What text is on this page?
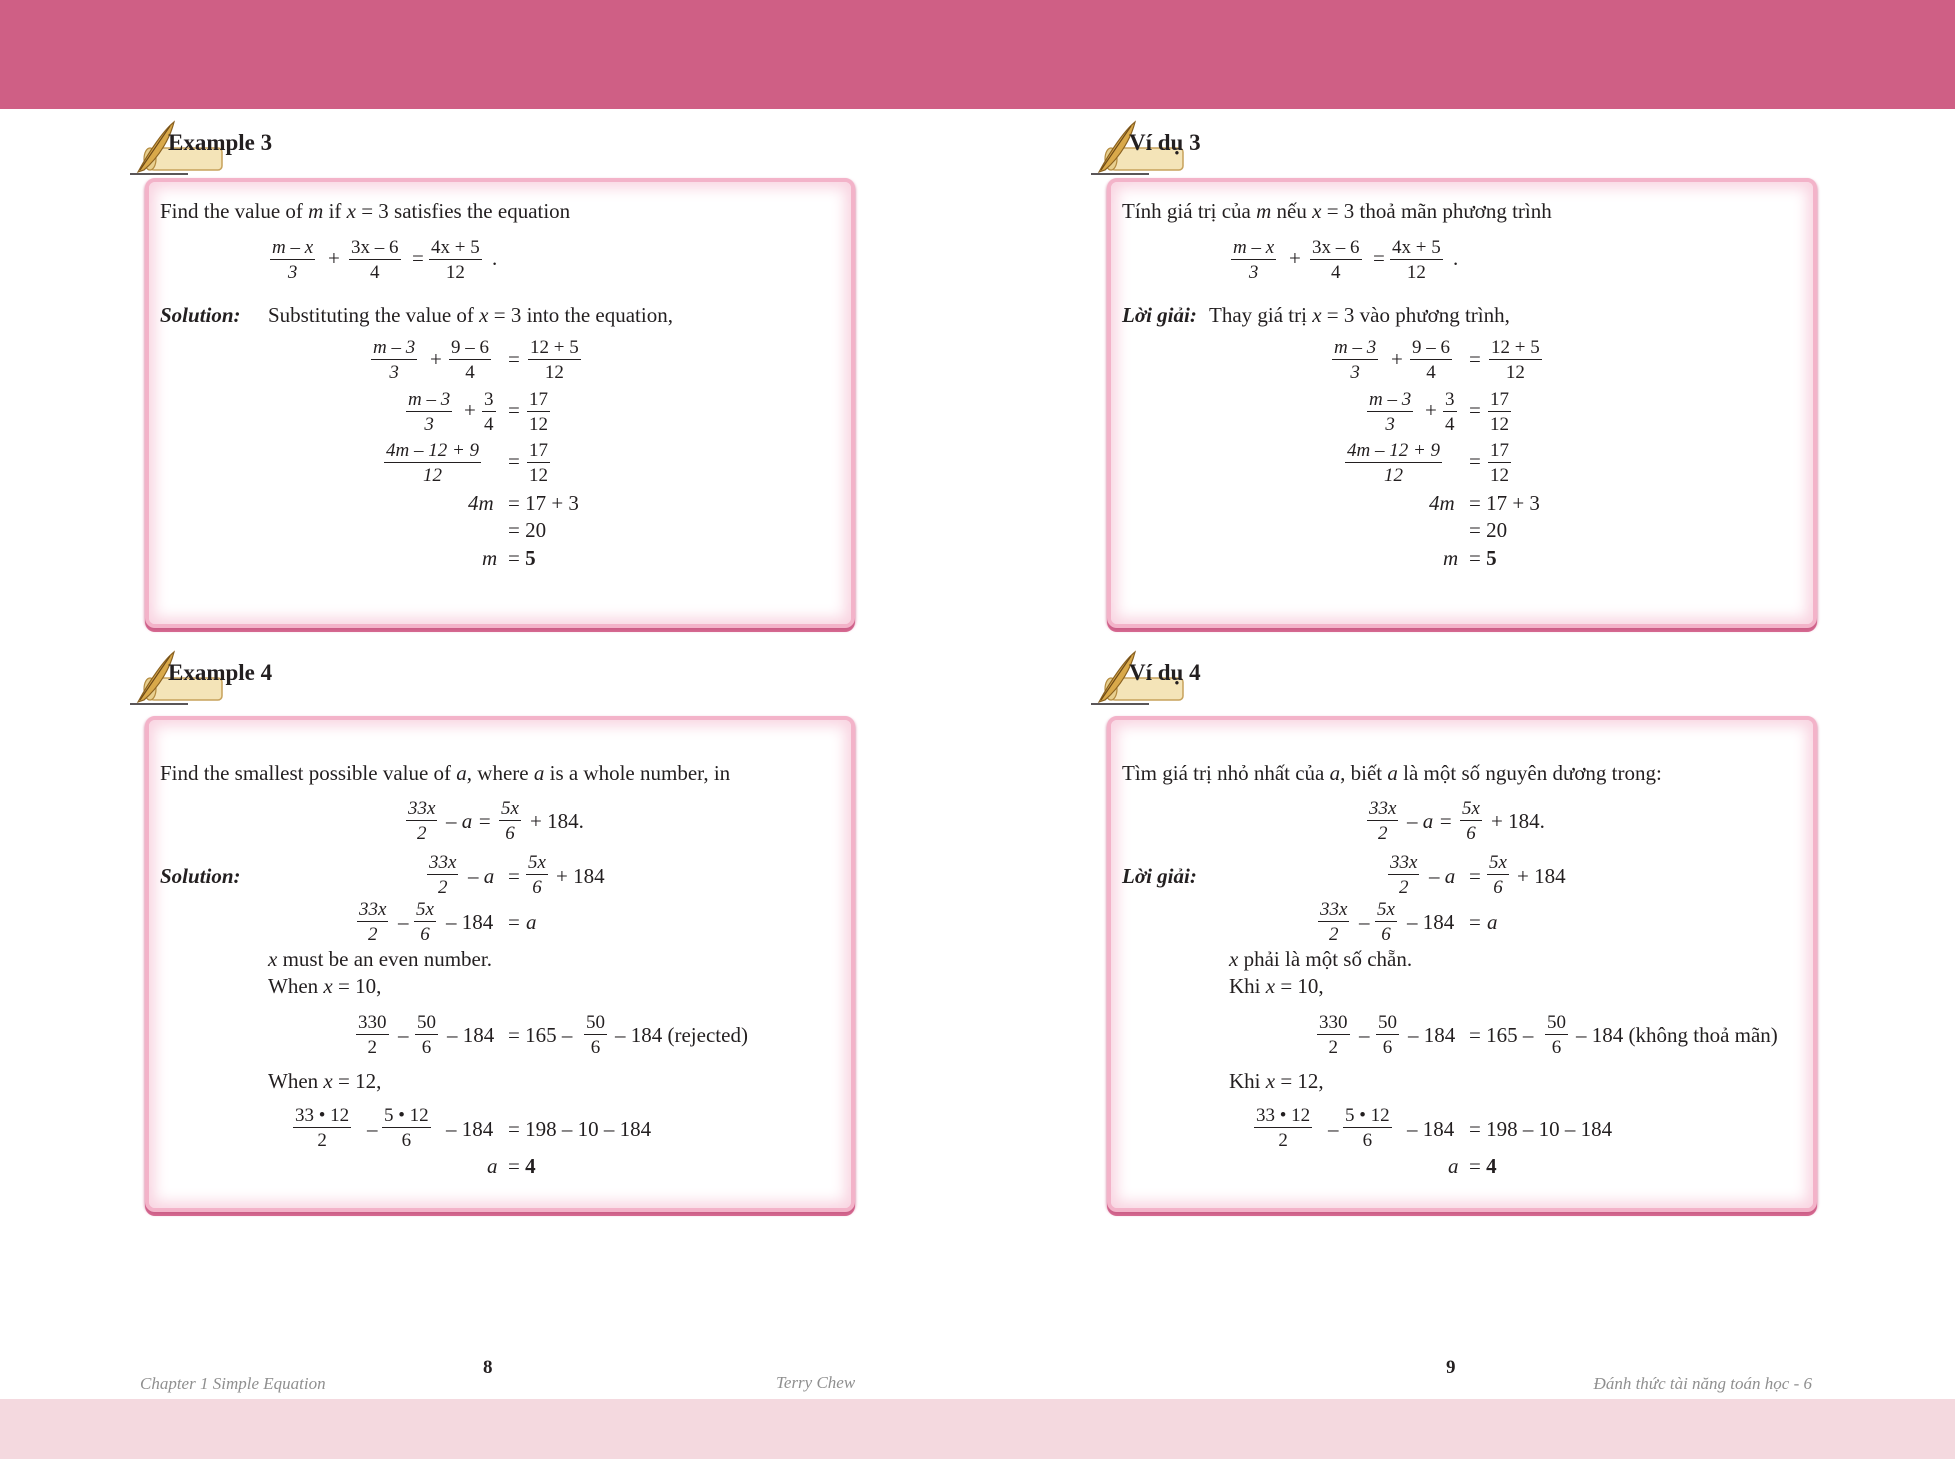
Example 3
Find the value of m if x = 3 satisfies the equation
$\frac{m - x}{3} + \frac{3x - 6}{4} = \frac{4x + 5}{12}$ .
Solution: Substituting the value of x = 3 into the equation,
$\frac{m - 3}{3} + \frac{9 - 6}{4} = \frac{12 + 5}{12}$
$\frac{m - 3}{3} + \frac{3}{4} = \frac{17}{12}$
$\frac{4m - 12 + 9}{12} = \frac{17}{12}$
4m = 17 + 3
= 20
m = 5
Example 4
Find the smallest possible value of a, where a is a whole number, in
$\frac{33x}{2} - a = \frac{5x}{6} + 184$.
Solution:	$\frac{33x}{2} - a = \frac{5x}{6} + 184$
$\frac{33x}{2} - \frac{5x}{6} - 184 = a$
x must be an even number.
When x = 10,
$\frac{330}{2} - \frac{50}{6} - 184 = 165 - \frac{50}{6} - 184$ (rejected)
When x = 12,
$\frac{33 • 12}{2} - \frac{5 • 12}{6} - 184 = 198 - 10 - 184$
a = 4
Chapter 1 Simple Equation
8
Terry Chew
Ví dụ 3
Tính giá trị của m nếu x = 3 thoả mãn phương trình
$\frac{m - x}{3} + \frac{3x - 6}{4} = \frac{4x + 5}{12}$ .
Lời giải: Thay giá trị x = 3 vào phương trình,
$\frac{m - 3}{3} + \frac{9 - 6}{4} = \frac{12 + 5}{12}$
$\frac{m - 3}{3} + \frac{3}{4} = \frac{17}{12}$
$\frac{4m - 12 + 9}{12} = \frac{17}{12}$
4m = 17 + 3
= 20
m = 5
Ví dụ 4
Tìm giá trị nhỏ nhất của a, biết a là một số nguyên dương trong:
$\frac{33x}{2} - a = \frac{5x}{6} + 184$.
Lời giải:	$\frac{33x}{2} - a = \frac{5x}{6} + 184$
$\frac{33x}{2} - \frac{5x}{6} - 184 = a$
x phải là một số chẵn.
Khi x = 10,
$\frac{330}{2} - \frac{50}{6} - 184 = 165 - \frac{50}{6} - 184$ (không thoả mãn)
Khi x = 12,
$\frac{33 • 12}{2} - \frac{5 • 12}{6} - 184 = 198 - 10 - 184$
a = 4
9
Đánh thức tài năng toán học - 6
